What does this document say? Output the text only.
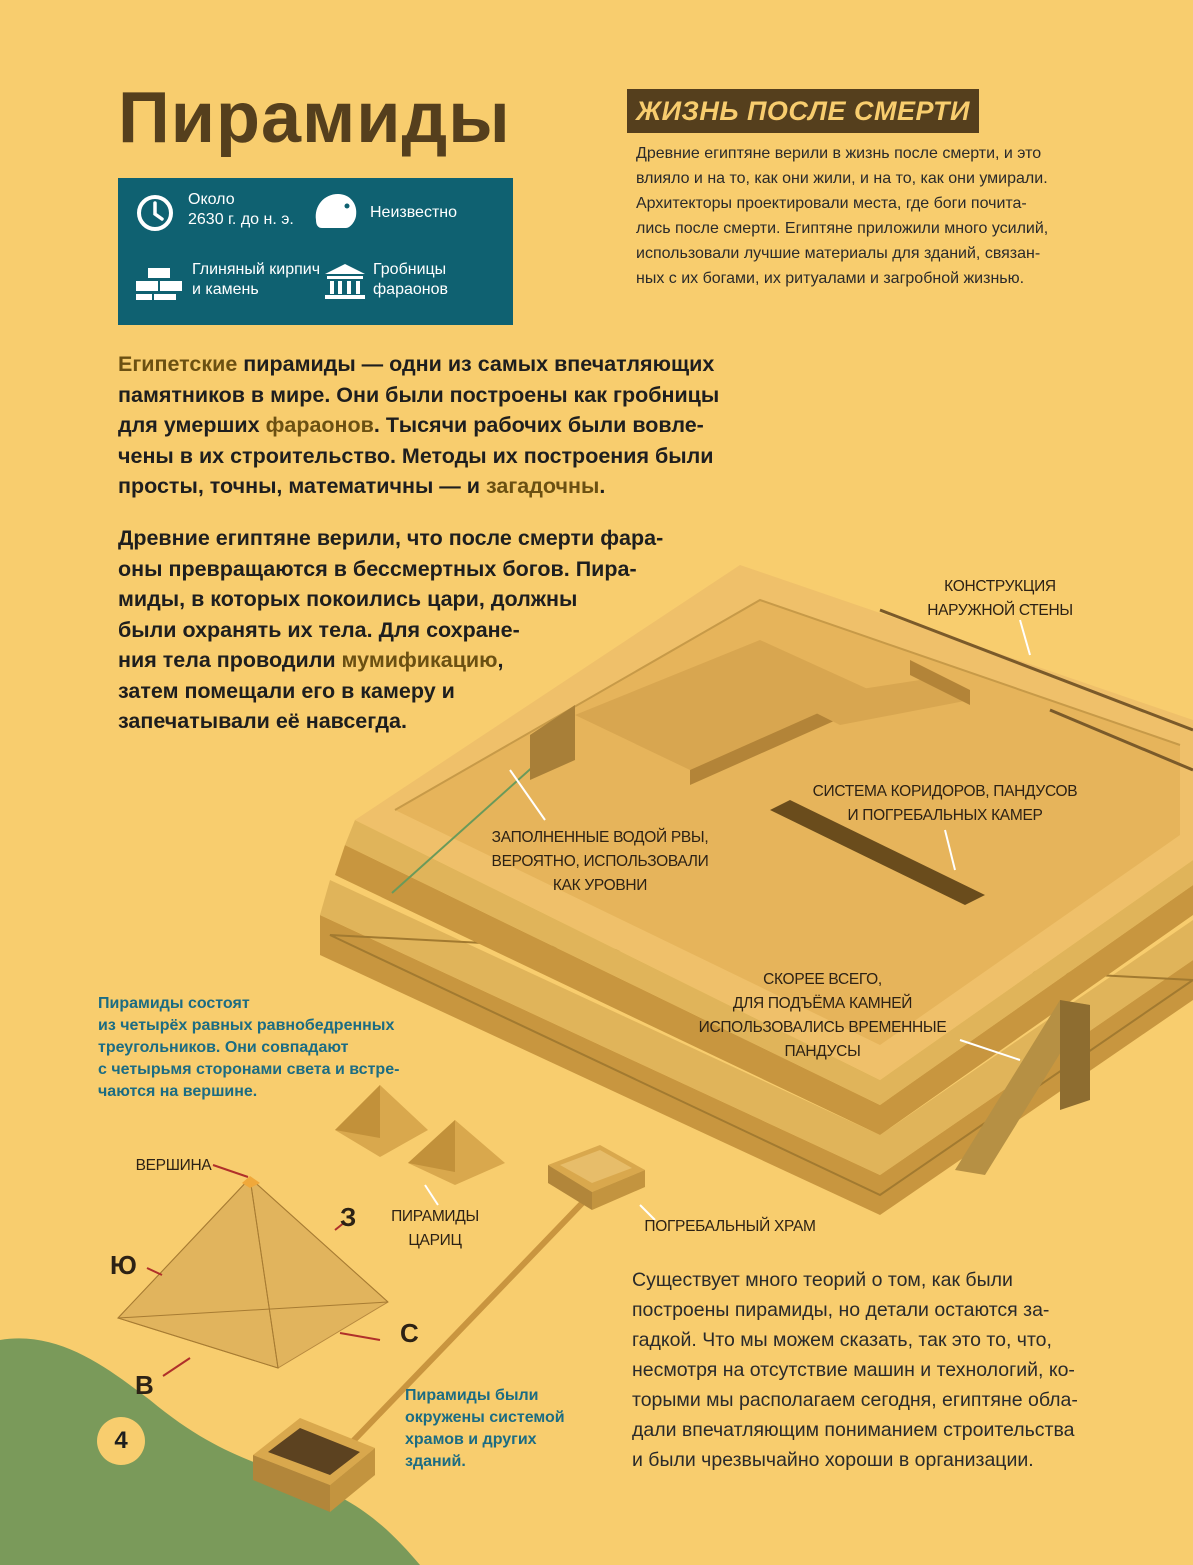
Пирамиды
Около
2630 г. до н. э.	Неизвестно
Глиняный кирпич
и камень
Гробницы
фараонов
ЖИЗНЬ ПОСЛЕ СМЕРТИ

Древние египтяне верили в жизнь после смерти, и это
влияло и на то, как они жили, и на то, как они умирали.
Архитекторы проектировали места, где боги почита-
лись после смерти. Египтяне приложили много усилий,
использовали лучшие материалы для зданий, связан-
ных с их богами, их ритуалами и загробной жизнью.

Египетские пирамиды — одни из самых впечатляющих
памятников в мире. Они были построены как гробницы
для умерших фараонов. Тысячи рабочих были вовле-
чены в их строительство. Методы их построения были
просты, точны, математичны — и загадочны.

Древние египтяне верили, что после смерти фара-
оны превращаются в бессмертных богов. Пира-
миды, в которых покоились цари, должны
были охранять их тела. Для сохране-
ния тела проводили мумификацию,
затем помещали его в камеру и
запечатывали её навсегда.

КОНСТРУКЦИЯ
НАРУЖНОЙ СТЕНЫ
СИСТЕМА КОРИДОРОВ, ПАНДУСОВ
И ПОГРЕБАЛЬНЫХ КАМЕР
ЗАПОЛНЕННЫЕ ВОДОЙ РВЫ,
ВЕРОЯТНО, ИСПОЛЬЗОВАЛИ
КАК УРОВНИ
СКОРЕЕ ВСЕГО,
ДЛЯ ПОДЪЁМА КАМНЕЙ
ИСПОЛЬЗОВАЛИСЬ ВРЕМЕННЫЕ
ПАНДУСЫ
ПИРАМИДЫ
ЦАРИЦ
ПОГРЕБАЛЬНЫЙ ХРАМ
ВЕРШИНА
З
Ю
С
В

Пирамиды состоят
из четырёх равных равнобедренных
треугольников. Они совпадают
с четырьмя сторонами света и встре-
чаются на вершине.

Пирамиды были
окружены системой
храмов и других
зданий.

Существует много теорий о том, как были
построены пирамиды, но детали остаются за-
гадкой. Что мы можем сказать, так это то, что,
несмотря на отсутствие машин и технологий, ко-
торыми мы располагаем сегодня, египтяне обла-
дали впечатляющим пониманием строительства
и были чрезвычайно хороши в организации.

4
